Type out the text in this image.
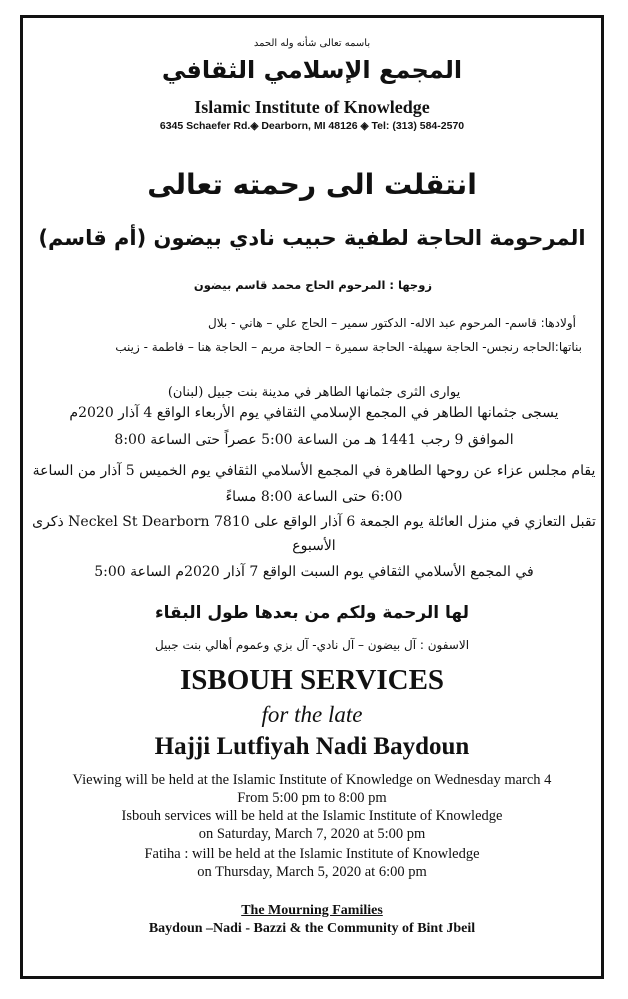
باسمه تعالى شأنه وله الحمد
المجمع الإسلامي الثقافي
Islamic Institute of Knowledge
6345 Schaefer Rd.◈ Dearborn, MI 48126 ◈ Tel: (313) 584-2570
انتقلت الى رحمته تعالى
المرحومة الحاجة لطفية حبيب نادي بيضون (أم قاسم)
زوجها : المرحوم الحاج محمد قاسم بيضون
أولادها: قاسم- المرحوم عبد الاله- الدكتور سمير – الحاج علي – هاني - بلال
بناتها:الحاجه رنجس- الحاجة سهيلة- الحاجة سميرة – الحاجة مريم – الحاجة هنا – فاطمة - زينب
يوارى الثرى جثمانها الطاهر في مدينة بنت جبيل (لبنان)
يسجى جثمانها الطاهر في المجمع الإسلامي الثقافي يوم الأربعاء الواقع 4 آذار 2020م
الموافق 9 رجب 1441 هـ من الساعة 5:00 عصراً حتى الساعة 8:00
يقام مجلس عزاء عن روحها الطاهرة في المجمع الأسلامي الثقافي يوم الخميس 5 آذار من الساعة 6:00 حتى الساعة 8:00 مساءً
تقبل التعازي في منزل العائلة يوم الجمعة 6 آذار الواقع على 7810 Neckel St Dearborn ذكرى الأسبوع
في المجمع الأسلامي الثقافي يوم السبت الواقع 7 آذار 2020م الساعة 5:00
لها الرحمة ولكم من بعدها طول البقاء
الاسفون : آل بيضون – آل نادي- آل بزي وعموم أهالي بنت جبيل
ISBOUH SERVICES
for the late
Hajji Lutfiyah Nadi Baydoun
Viewing will be held at the Islamic Institute of Knowledge on Wednesday march 4
From 5:00 pm to 8:00 pm
Isbouh services will be held at the Islamic Institute of Knowledge
on Saturday, March 7, 2020 at 5:00 pm
Fatiha : will be held at the Islamic Institute of Knowledge
on Thursday, March 5, 2020 at 6:00 pm
The Mourning Families
Baydoun –Nadi - Bazzi & the Community of Bint Jbeil
